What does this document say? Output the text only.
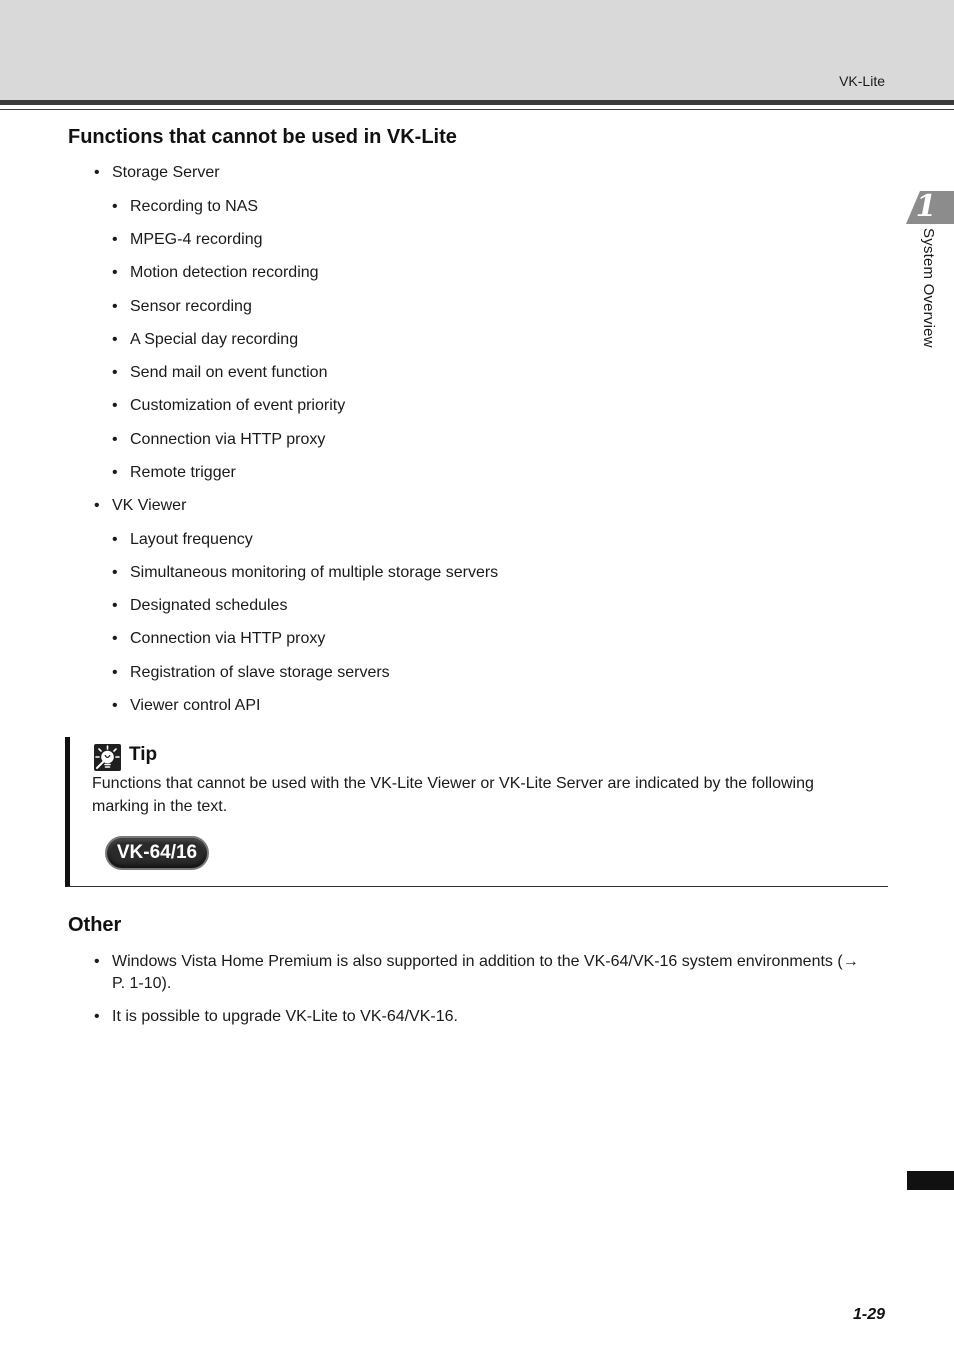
VK-Lite
1
System Overview
Functions that cannot be used in VK-Lite
• Storage Server
• Recording to NAS
• MPEG-4 recording
• Motion detection recording
• Sensor recording
• A Special day recording
• Send mail on event function
• Customization of event priority
• Connection via HTTP proxy
• Remote trigger
• VK Viewer
• Layout frequency
• Simultaneous monitoring of multiple storage servers
• Designated schedules
• Connection via HTTP proxy
• Registration of slave storage servers
• Viewer control API
Tip
Functions that cannot be used with the VK-Lite Viewer or VK-Lite Server are indicated by the following marking in the text.
VK-64/16
Other
• Windows Vista Home Premium is also supported in addition to the VK-64/VK-16 system environments (→ P. 1-10).
• It is possible to upgrade VK-Lite to VK-64/VK-16.
1-29
